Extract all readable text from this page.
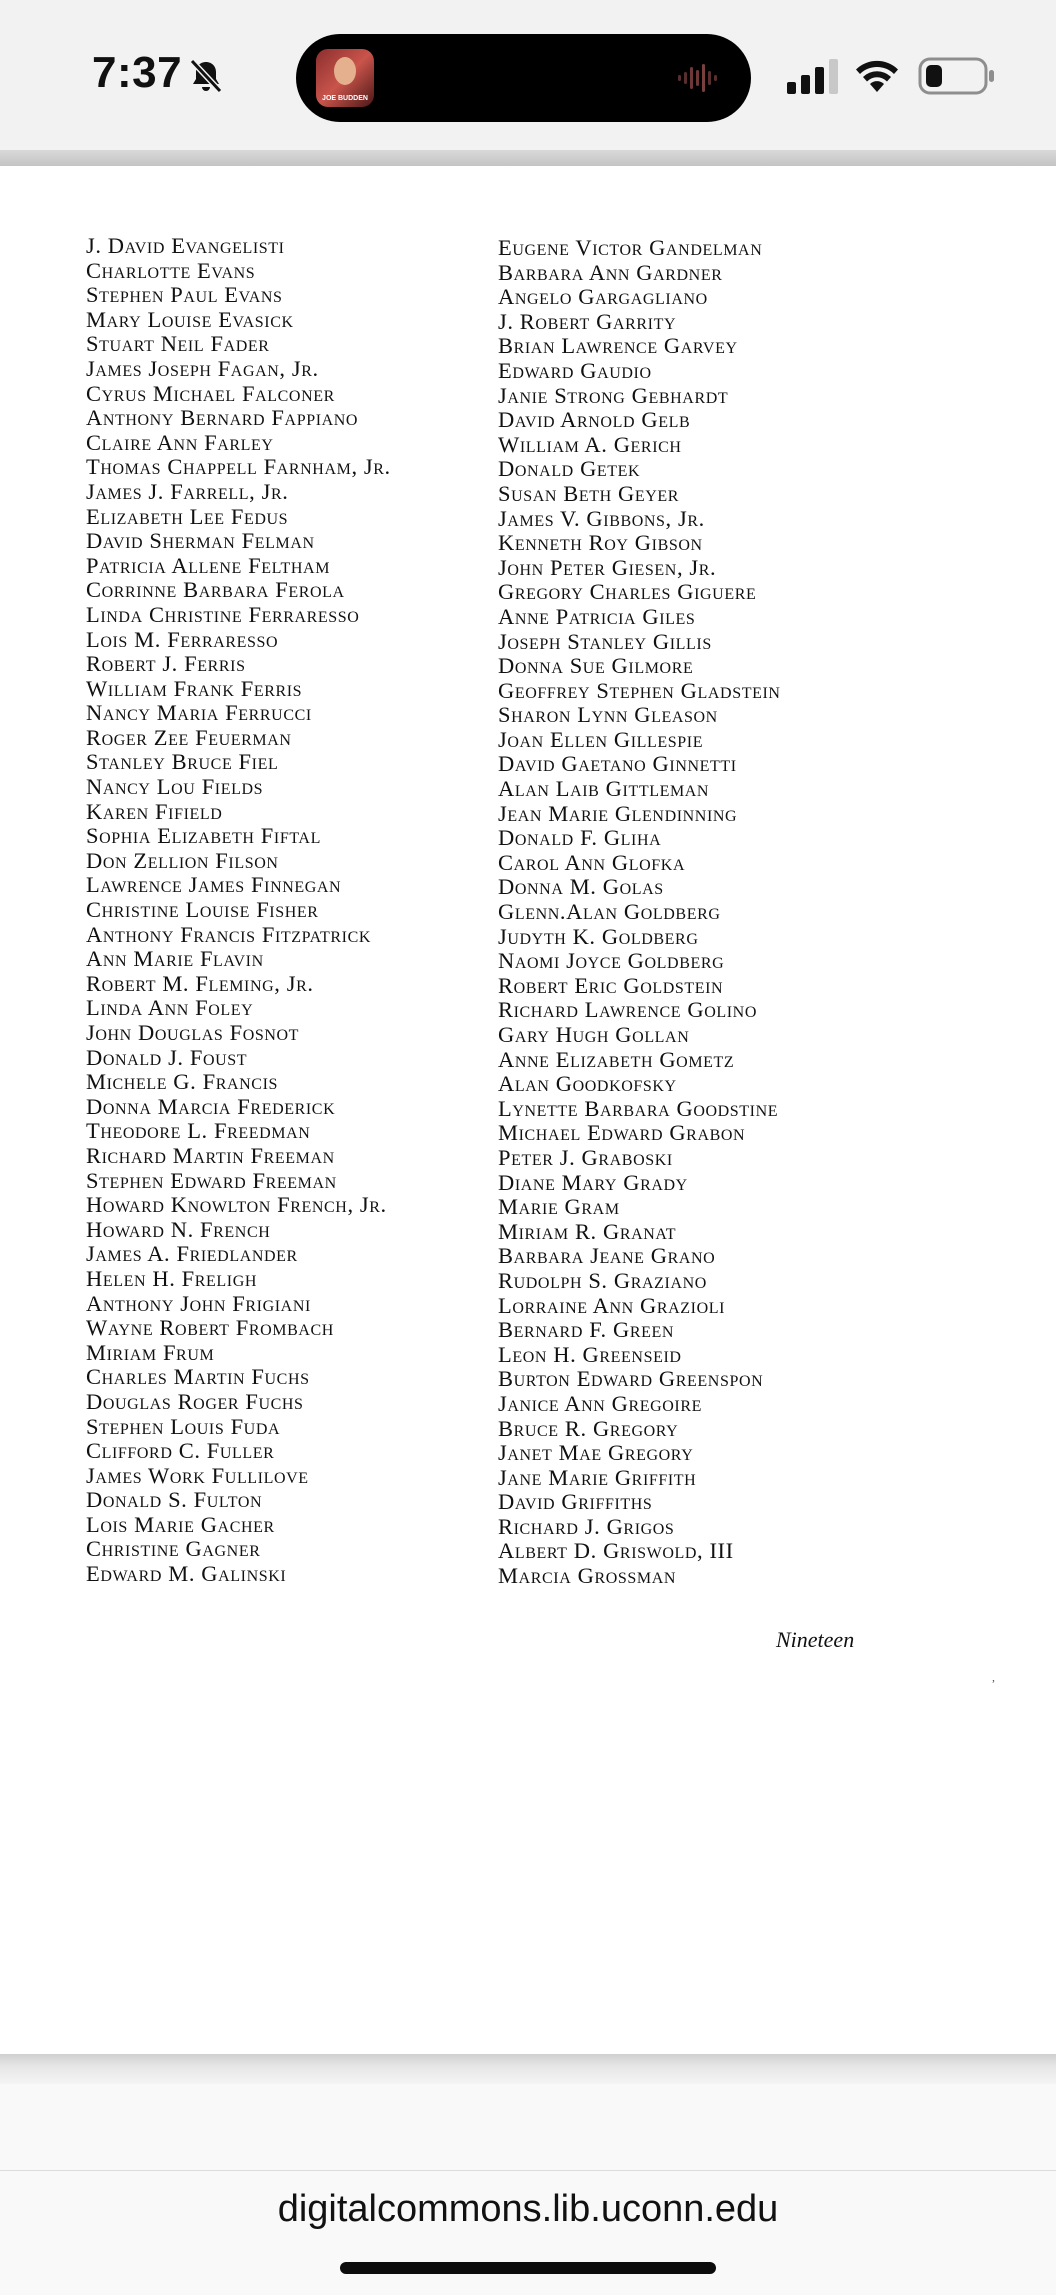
7:37
JOE BUDDEN
J. David Evangelisti
Charlotte Evans
Stephen Paul Evans
Mary Louise Evasick
Stuart Neil Fader
James Joseph Fagan, Jr.
Cyrus Michael Falconer
Anthony Bernard Fappiano
Claire Ann Farley
Thomas Chappell Farnham, Jr.
James J. Farrell, Jr.
Elizabeth Lee Fedus
David Sherman Felman
Patricia Allene Feltham
Corrinne Barbara Ferola
Linda Christine Ferraresso
Lois M. Ferraresso
Robert J. Ferris
William Frank Ferris
Nancy Maria Ferrucci
Roger Zee Feuerman
Stanley Bruce Fiel
Nancy Lou Fields
Karen Fifield
Sophia Elizabeth Fiftal
Don Zellion Filson
Lawrence James Finnegan
Christine Louise Fisher
Anthony Francis Fitzpatrick
Ann Marie Flavin
Robert M. Fleming, Jr.
Linda Ann Foley
John Douglas Fosnot
Donald J. Foust
Michele G. Francis
Donna Marcia Frederick
Theodore L. Freedman
Richard Martin Freeman
Stephen Edward Freeman
Howard Knowlton French, Jr.
Howard N. French
James A. Friedlander
Helen H. Freligh
Anthony John Frigiani
Wayne Robert Frombach
Miriam Frum
Charles Martin Fuchs
Douglas Roger Fuchs
Stephen Louis Fuda
Clifford C. Fuller
James Work Fullilove
Donald S. Fulton
Lois Marie Gacher
Christine Gagner
Edward M. Galinski
Eugene Victor Gandelman
Barbara Ann Gardner
Angelo Gargagliano
J. Robert Garrity
Brian Lawrence Garvey
Edward Gaudio
Janie Strong Gebhardt
David Arnold Gelb
William A. Gerich
Donald Getek
Susan Beth Geyer
James V. Gibbons, Jr.
Kenneth Roy Gibson
John Peter Giesen, Jr.
Gregory Charles Giguere
Anne Patricia Giles
Joseph Stanley Gillis
Donna Sue Gilmore
Geoffrey Stephen Gladstein
Sharon Lynn Gleason
Joan Ellen Gillespie
David Gaetano Ginnetti
Alan Laib Gittleman
Jean Marie Glendinning
Donald F. Gliha
Carol Ann Glofka
Donna M. Golas
Glenn.Alan Goldberg
Judyth K. Goldberg
Naomi Joyce Goldberg
Robert Eric Goldstein
Richard Lawrence Golino
Gary Hugh Gollan
Anne Elizabeth Gometz
Alan Goodkofsky
Lynette Barbara Goodstine
Michael Edward Grabon
Peter J. Graboski
Diane Mary Grady
Marie Gram
Miriam R. Granat
Barbara Jeane Grano
Rudolph S. Graziano
Lorraine Ann Grazioli
Bernard F. Green
Leon H. Greenseid
Burton Edward Greenspon
Janice Ann Gregoire
Bruce R. Gregory
Janet Mae Gregory
Jane Marie Griffith
David Griffiths
Richard J. Grigos
Albert D. Griswold, III
Marcia Grossman
Nineteen
,
digitalcommons.lib.uconn.edu
